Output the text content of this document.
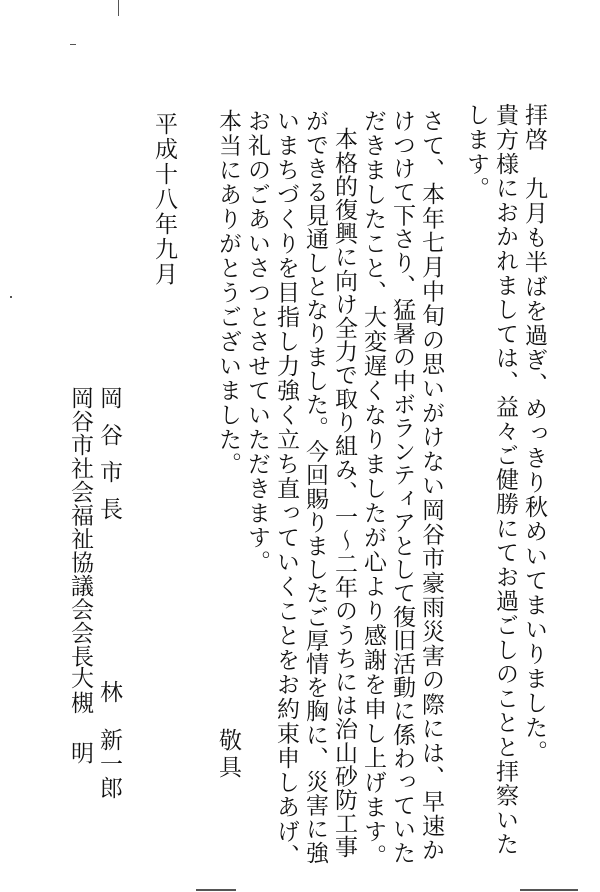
拝啓　九月も半ばを過ぎ、めっきり秋めいてまいりました。
貴方様におかれましては、益々ご健勝にてお過ごしのことと拝察いた
します。
さて、本年七月中旬の思いがけない岡谷市豪雨災害の際には、早速か
けつけて下さり、猛暑の中ボランティアとして復旧活動に係わっていた
だきましたこと、大変遅くなりましたが心より感謝を申し上げます。
本格的復興に向け全力で取り組み、一〜二年のうちには治山砂防工事
ができる見通しとなりました。今回賜りましたご厚情を胸に、災害に強
いまちづくりを目指し力強く立ち直っていくことをお約束申しあげ、
お礼のごあいさつとさせていただきます。
本当にありがとうございました。
敬具
平成十八年九月
岡谷市長
林　新一郎
岡谷市社会福祉協議会会長
大槻　明
